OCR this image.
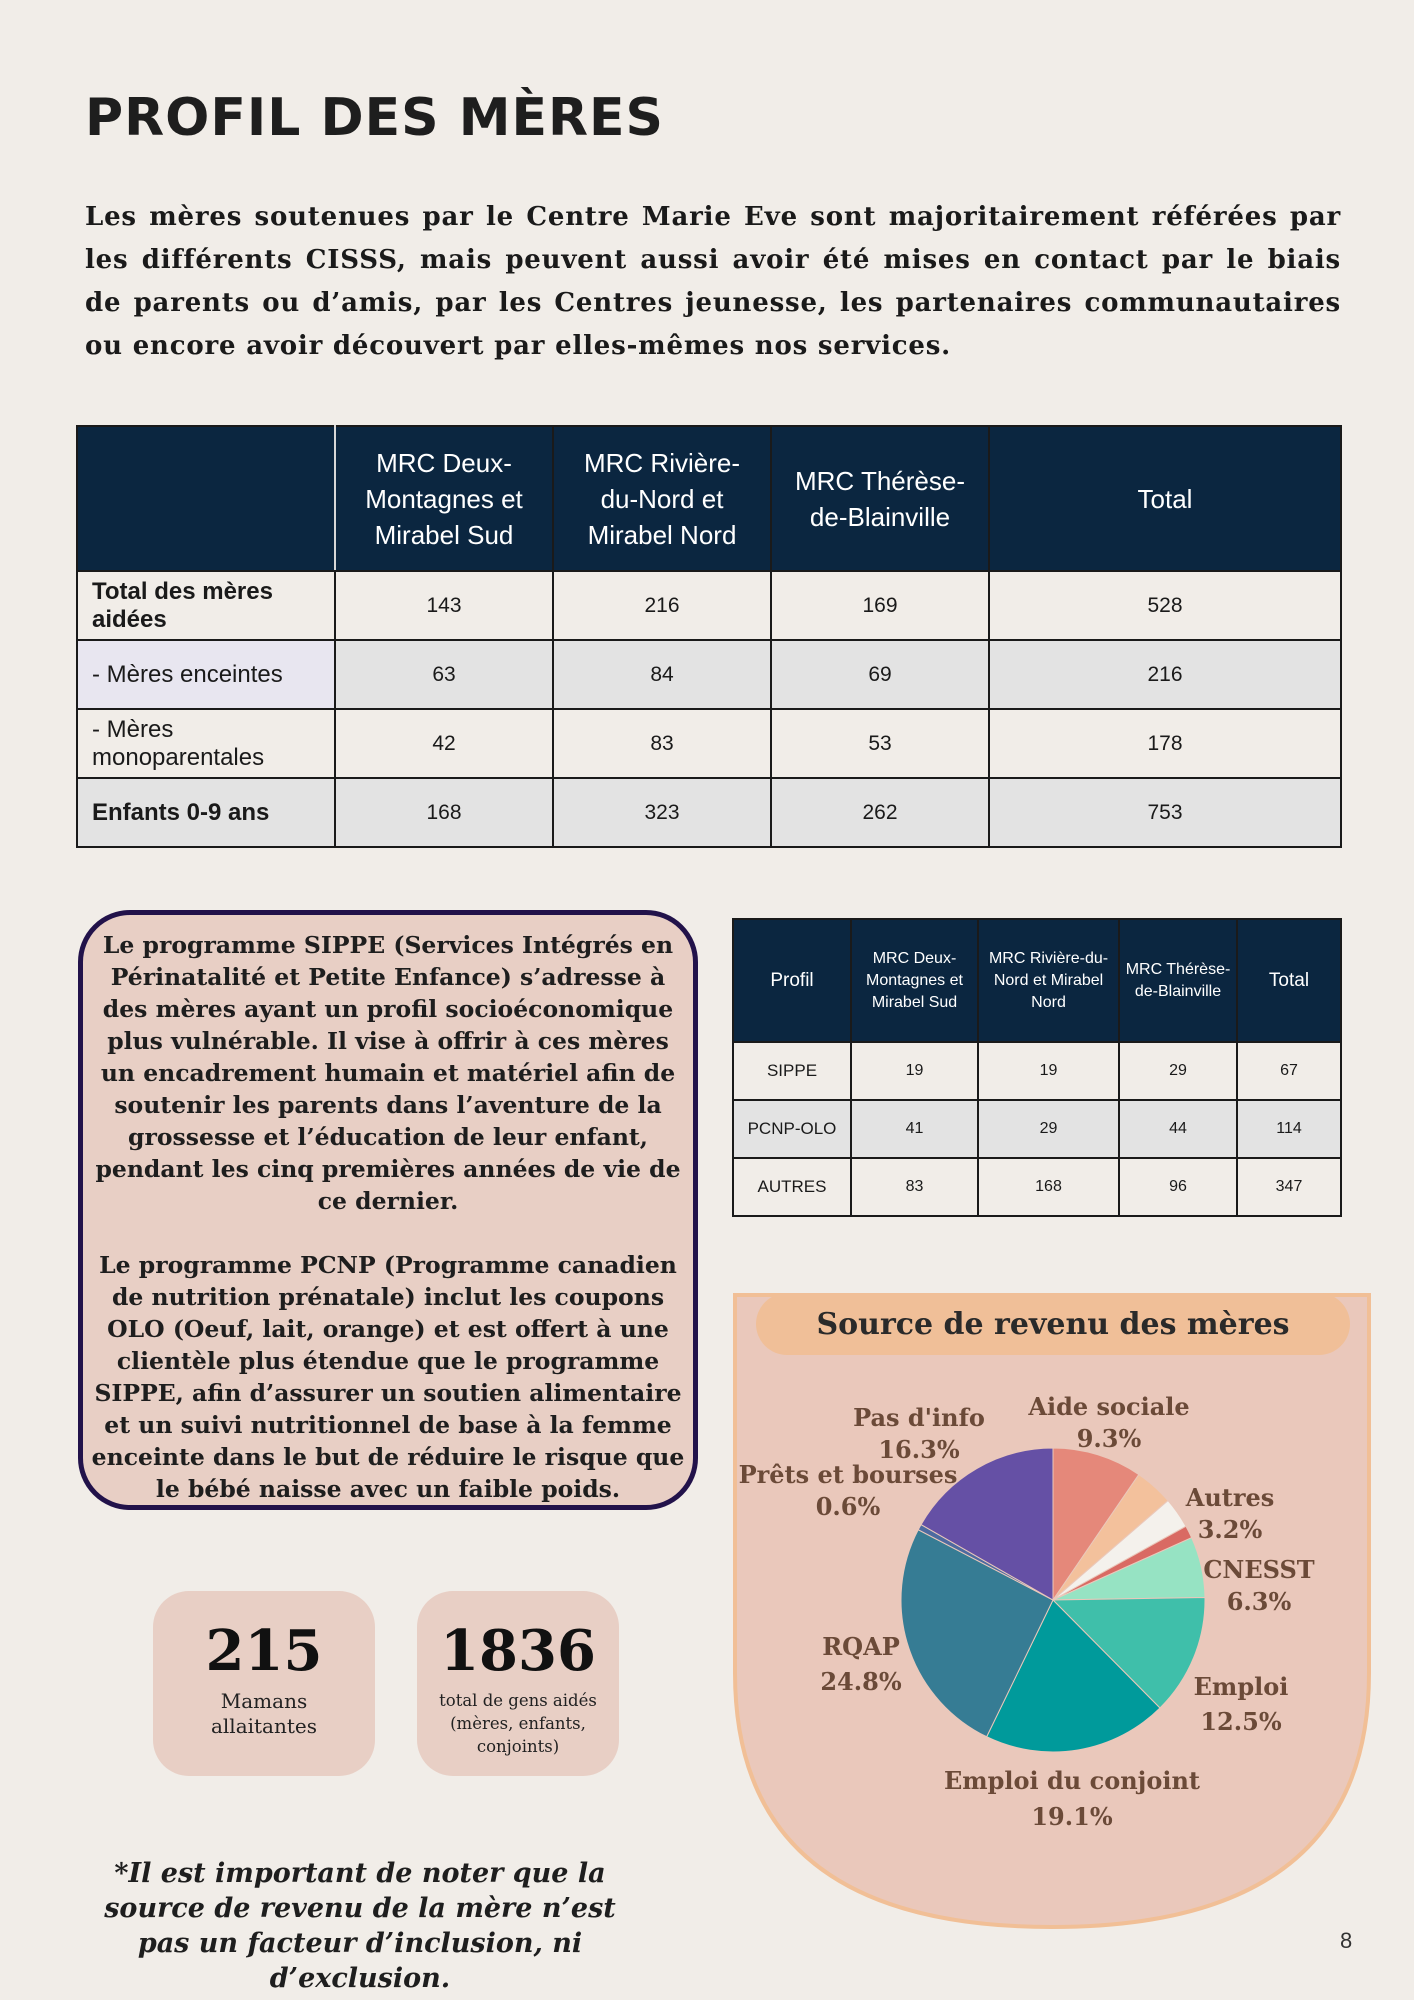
PROFIL DES MÈRES

Les mères soutenues par le Centre Marie Eve sont majoritairement référées par les différents CISSS, mais peuvent aussi avoir été mises en contact par le biais de parents ou d’amis, par les Centres jeunesse, les partenaires communautaires ou encore avoir découvert par elles-mêmes nos services.

	MRC Deux-Montagnes et Mirabel Sud	MRC Rivière-du-Nord et Mirabel Nord	MRC Thérèse-de-Blainville	Total
Total des mères aidées	143	216	169	528
- Mères enceintes	63	84	69	216
- Mères monoparentales	42	83	53	178
Enfants 0-9 ans	168	323	262	753

Le programme SIPPE (Services Intégrés en Périnatalité et Petite Enfance) s’adresse à des mères ayant un profil socioéconomique plus vulnérable. Il vise à offrir à ces mères un encadrement humain et matériel afin de soutenir les parents dans l’aventure de la grossesse et l’éducation de leur enfant, pendant les cinq premières années de vie de ce dernier.

Le programme PCNP (Programme canadien de nutrition prénatale) inclut les coupons OLO (Oeuf, lait, orange) et est offert à une clientèle plus étendue que le programme SIPPE, afin d’assurer un soutien alimentaire et un suivi nutritionnel de base à la femme enceinte dans le but de réduire le risque que le bébé naisse avec un faible poids.

Profil	MRC Deux-Montagnes et Mirabel Sud	MRC Rivière-du-Nord et Mirabel Nord	MRC Thérèse-de-Blainville	Total
SIPPE	19	19	29	67
PCNP-OLO	41	29	44	114
AUTRES	83	168	96	347
Source de revenu des mères
Pas d'info
16.3%
Aide sociale
9.3%
Prêts et bourses
0.6%	Autres
3.2%
CNESST
6.3%
RQAP
24.8%	Emploi
12.5%
Emploi du conjoint
19.1%
215
Mamans allaitantes
1836
total de gens aidés (mères, enfants, conjoints)

*Il est important de noter que la source de revenu de la mère n’est pas un facteur d’inclusion, ni d’exclusion.

8
